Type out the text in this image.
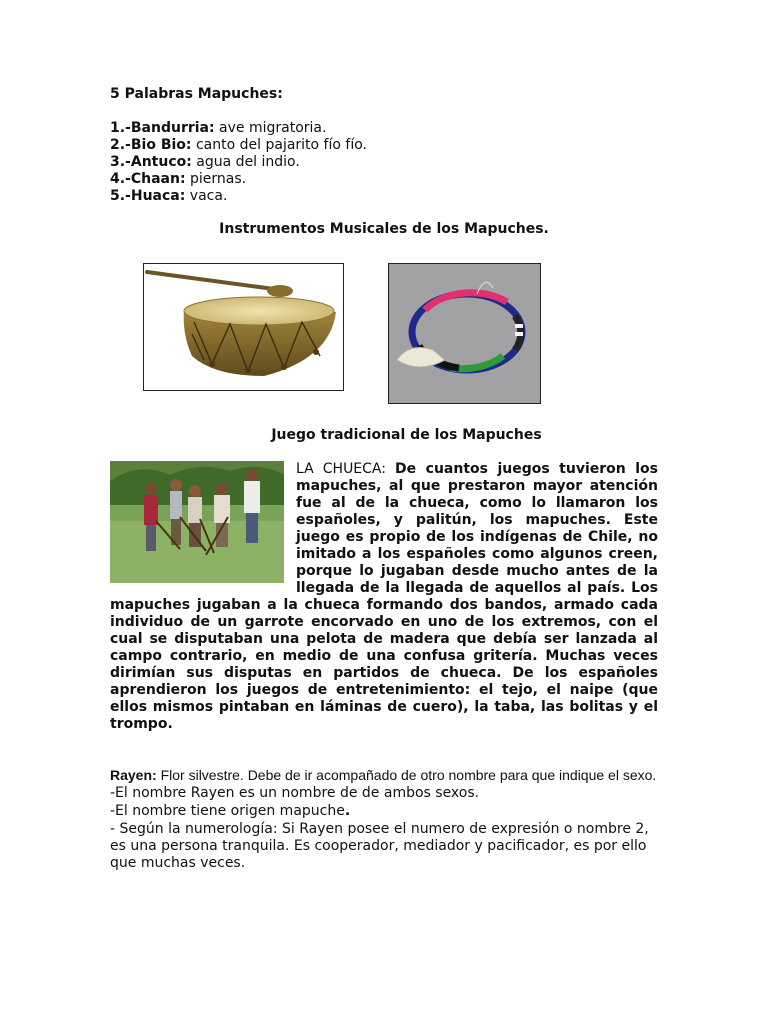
5 Palabras Mapuches:
1.-Bandurria: ave migratoria.
2.-Bio Bio: canto del pajarito fío fío.
3.-Antuco: agua del indio.
4.-Chaan: piernas.
5.-Huaca: vaca.
Instrumentos Musicales de los Mapuches.
Juego tradicional de los Mapuches
LA CHUECA: De cuantos juegos tuvieron los mapuches, al que prestaron mayor atención fue al de la chueca, como lo llamaron los españoles, y palitún, los mapuches. Este juego es propio de los indígenas de Chile, no imitado a los españoles como algunos creen, porque lo jugaban desde mucho antes de la llegada de la llegada de aquellos al país. Los mapuches jugaban a la chueca formando dos bandos, armado cada individuo de un garrote encorvado en uno de los extremos, con el cual se disputaban una pelota de madera que debía ser lanzada al campo contrario, en medio de una confusa gritería. Muchas veces dirimían sus disputas en partidos de chueca. De los españoles aprendieron los juegos de entretenimiento: el tejo, el naipe (que ellos mismos pintaban en láminas de cuero), la taba, las bolitas y el trompo.
Rayen: Flor silvestre. Debe de ir acompañado de otro nombre para que indique el sexo.
-El nombre Rayen es un nombre de de ambos sexos.
-El nombre tiene origen mapuche.
- Según la numerología: Si Rayen posee el numero de expresión o nombre 2, es una persona tranquila. Es cooperador, mediador y pacificador, es por ello que muchas veces.
